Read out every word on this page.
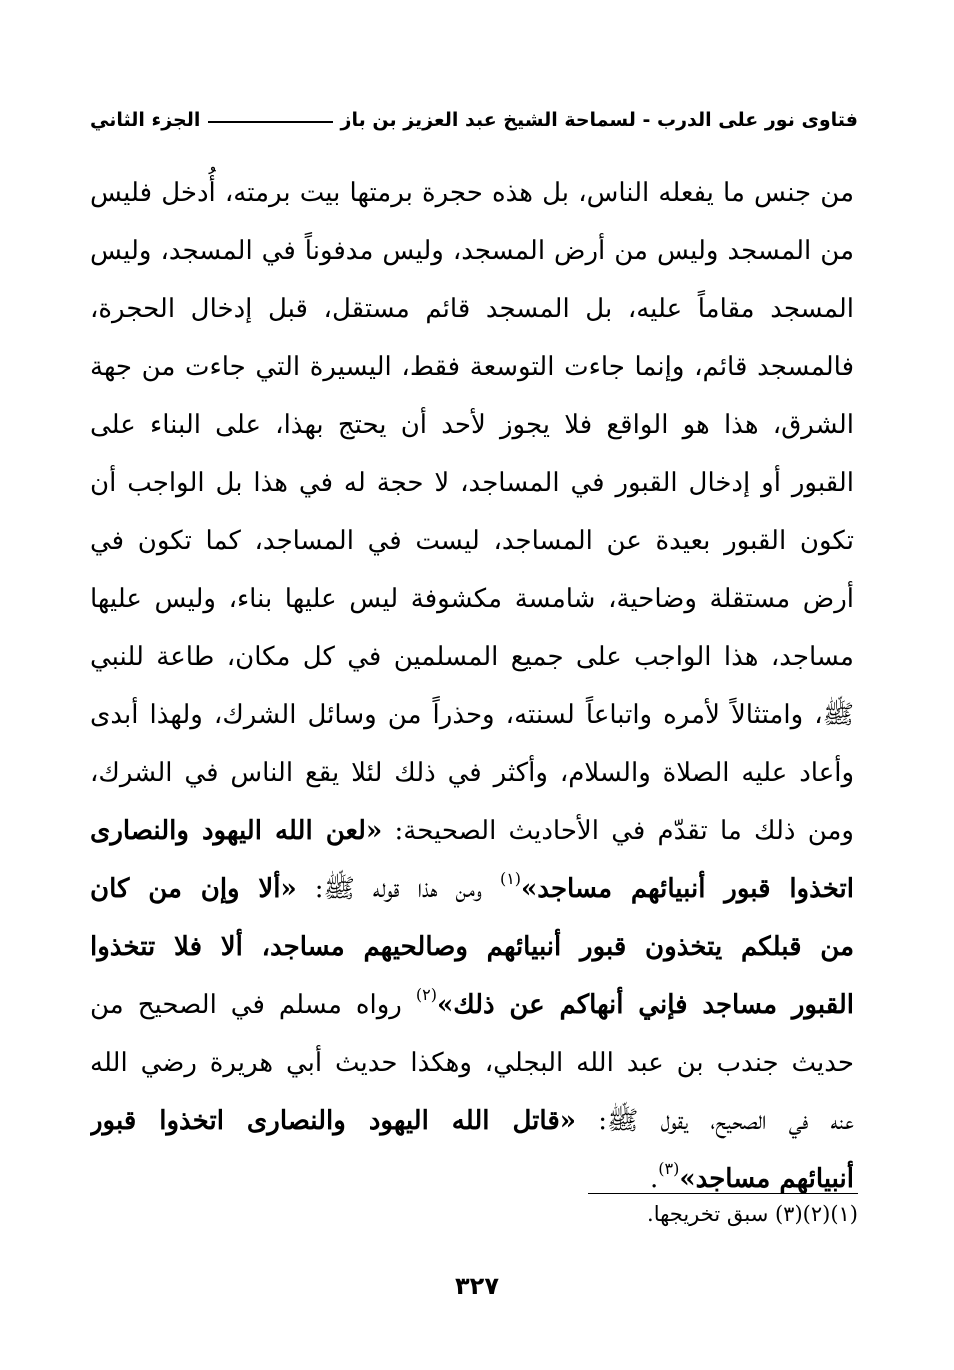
فتاوى نور على الدرب - لسماحة الشيخ عبد العزيز بن باز
الجزء الثاني
من جنس ما يفعله الناس، بل هذه حجرة برمتها بيت برمته، أُدخل فليس
من المسجد وليس من أرض المسجد، وليس مدفوناً في المسجد، وليس
المسجد مقاماً عليه، بل المسجد قائم مستقل، قبل إدخال الحجرة،
فالمسجد قائم، وإنما جاءت التوسعة فقط، اليسيرة التي جاءت من جهة
الشرق، هذا هو الواقع فلا يجوز لأحد أن يحتج بهذا، على البناء على
القبور أو إدخال القبور في المساجد، لا حجة له في هذا بل الواجب أن
تكون القبور بعيدة عن المساجد، ليست في المساجد، كما تكون في
أرض مستقلة وضاحية، شامسة مكشوفة ليس عليها بناء، وليس عليها
مساجد، هذا الواجب على جميع المسلمين في كل مكان، طاعة للنبي
ﷺ، وامتثالاً لأمره واتباعاً لسنته، وحذراً من وسائل الشرك، ولهذا أبدى
وأعاد عليه الصلاة والسلام، وأكثر في ذلك لئلا يقع الناس في الشرك،
ومن ذلك ما تقدّم في الأحاديث الصحيحة: «لعن الله اليهود والنصارى
اتخذوا قبور أنبيائهم مساجد»$^{(١)}$ ومن هذا قوله ﷺ: «ألا وإن من كان
من قبلكم يتخذون قبور أنبيائهم وصالحيهم مساجد، ألا فلا تتخذوا
القبور مساجد فإني أنهاكم عن ذلك»$^{(٢)}$ رواه مسلم في الصحيح من
حديث جندب بن عبد الله البجلي، وهكذا حديث أبي هريرة رضي الله
عنه في الصحيح، يقول ﷺ: «قاتل الله اليهود والنصارى اتخذوا قبور
أنبيائهم مساجد»$^{(٣)}$.
(١)(٢)(٣) سبق تخريجها.
٣٢٧
